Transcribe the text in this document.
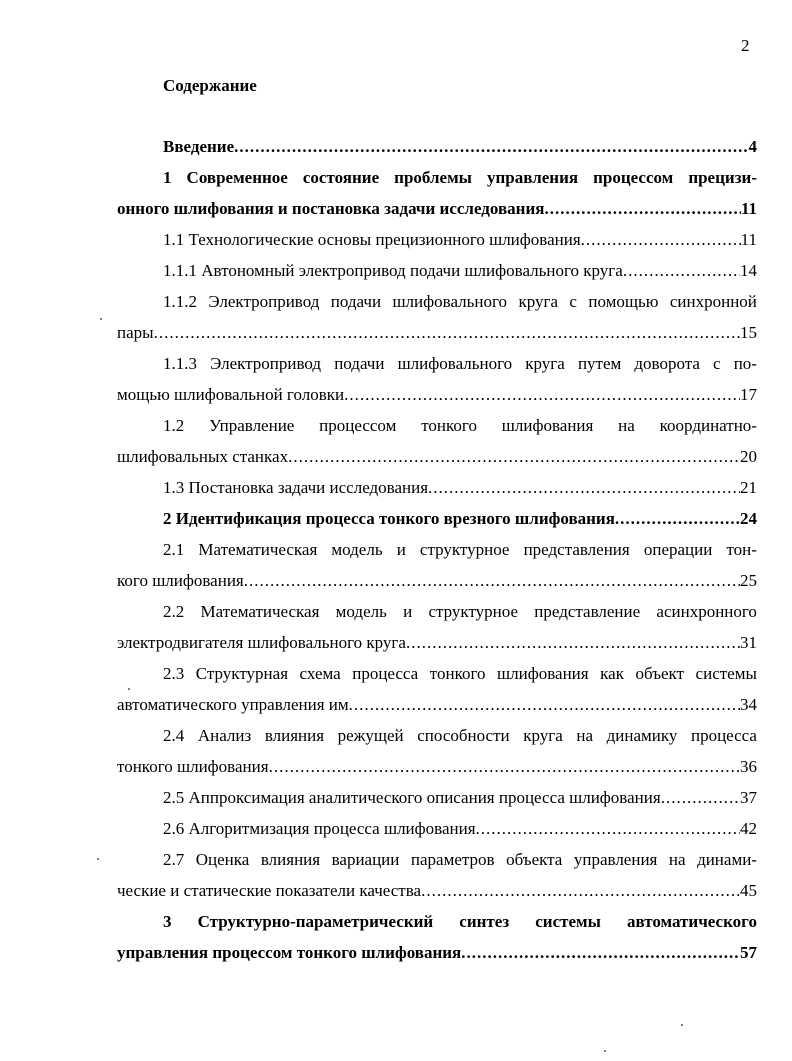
2
Содержание
Введение .....	4
1 Современное состояние проблемы управления процессом прецизи-
онного шлифования и постановка задачи исследования .....	11
1.1 Технологические основы прецизионного шлифования .....	11
1.1.1 Автономный электропривод подачи шлифовального круга .....	14
1.1.2 Электропривод подачи шлифовального круга с помощью синхронной
пары .....	15
1.1.3 Электропривод подачи шлифовального круга путем доворота с по-
мощью шлифовальной головки .....	17
1.2 Управление процессом тонкого шлифования на координатно-
шлифовальных станках .....	20
1.3 Постановка задачи исследования .....	21
2 Идентификация процесса тонкого врезного шлифования .....	24
2.1 Математическая модель и структурное представления операции тон-
кого шлифования .....	25
2.2 Математическая модель и структурное представление асинхронного
электродвигателя шлифовального круга .....	31
2.3 Структурная схема процесса тонкого шлифования как объект системы
автоматического управления им .....	34
2.4 Анализ влияния режущей способности круга на динамику процесса
тонкого шлифования .....	36
2.5 Аппроксимация аналитического описания процесса шлифования .....	37
2.6 Алгоритмизация процесса шлифования .....	42
2.7 Оценка влияния вариации параметров объекта управления на динами-
ческие и статические показатели качества .....	45
3 Структурно-параметрический синтез системы автоматического
управления процессом тонкого шлифования .....	57
